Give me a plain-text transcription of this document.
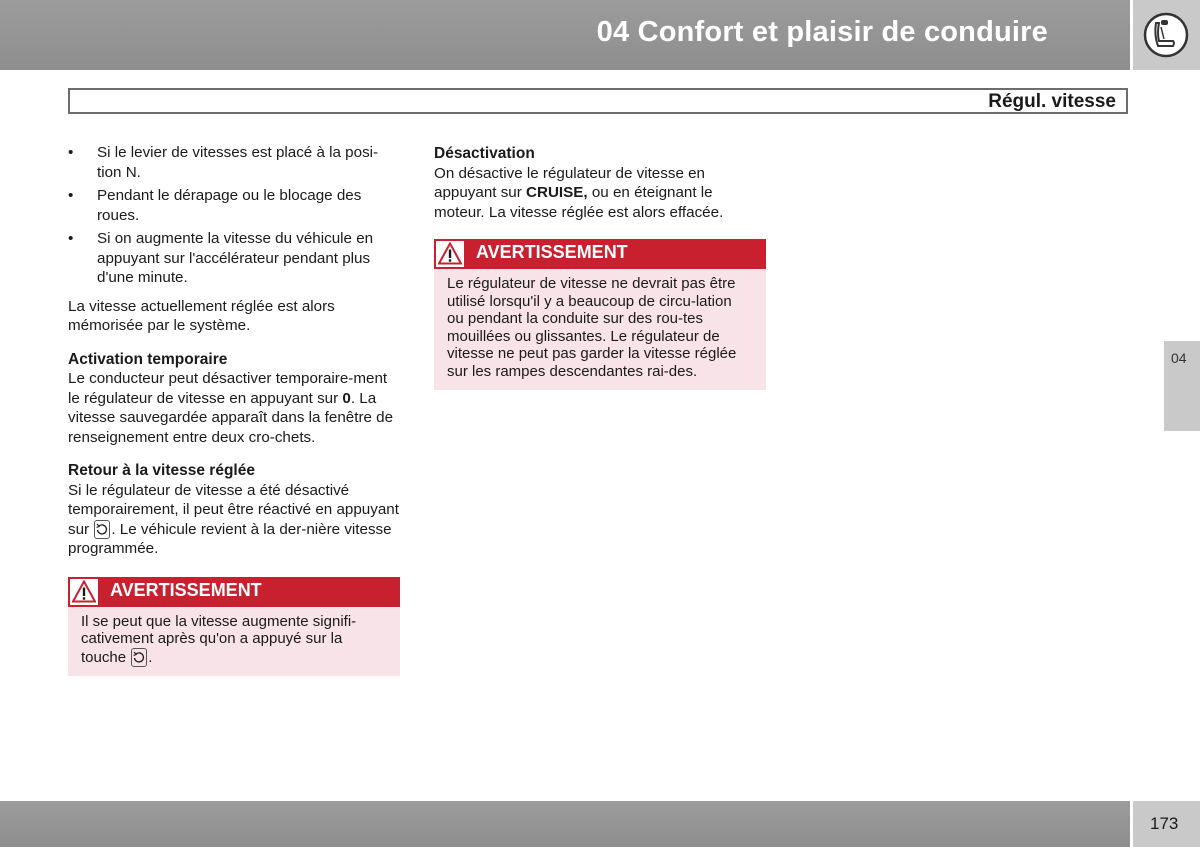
04 Confort et plaisir de conduire
Régul. vitesse
• Si le levier de vitesses est placé à la posi-tion N.
• Pendant le dérapage ou le blocage des roues.
• Si on augmente la vitesse du véhicule en appuyant sur l'accélérateur pendant plus d'une minute.

La vitesse actuellement réglée est alors mémorisée par le système.

Activation temporaire

Le conducteur peut désactiver temporaire-ment le régulateur de vitesse en appuyant sur 0. La vitesse sauvegardée apparaît dans la fenêtre de renseignement entre deux cro-chets.

Retour à la vitesse réglée

Si le régulateur de vitesse a été désactivé temporairement, il peut être réactivé en appuyant sur
. Le véhicule revient à la der-nière vitesse programmée.

AVERTISSEMENT
Il se peut que la vitesse augmente signifi-cativement après qu'on a appuyé sur la touche
.
Désactivation

On désactive le régulateur de vitesse en appuyant sur CRUISE, ou en éteignant le moteur. La vitesse réglée est alors effacée.

AVERTISSEMENT
Le régulateur de vitesse ne devrait pas être utilisé lorsqu'il y a beaucoup de circu-lation ou pendant la conduite sur des rou-tes mouillées ou glissantes. Le régulateur de vitesse ne peut pas garder la vitesse réglée sur les rampes descendantes rai-des.
04
173
